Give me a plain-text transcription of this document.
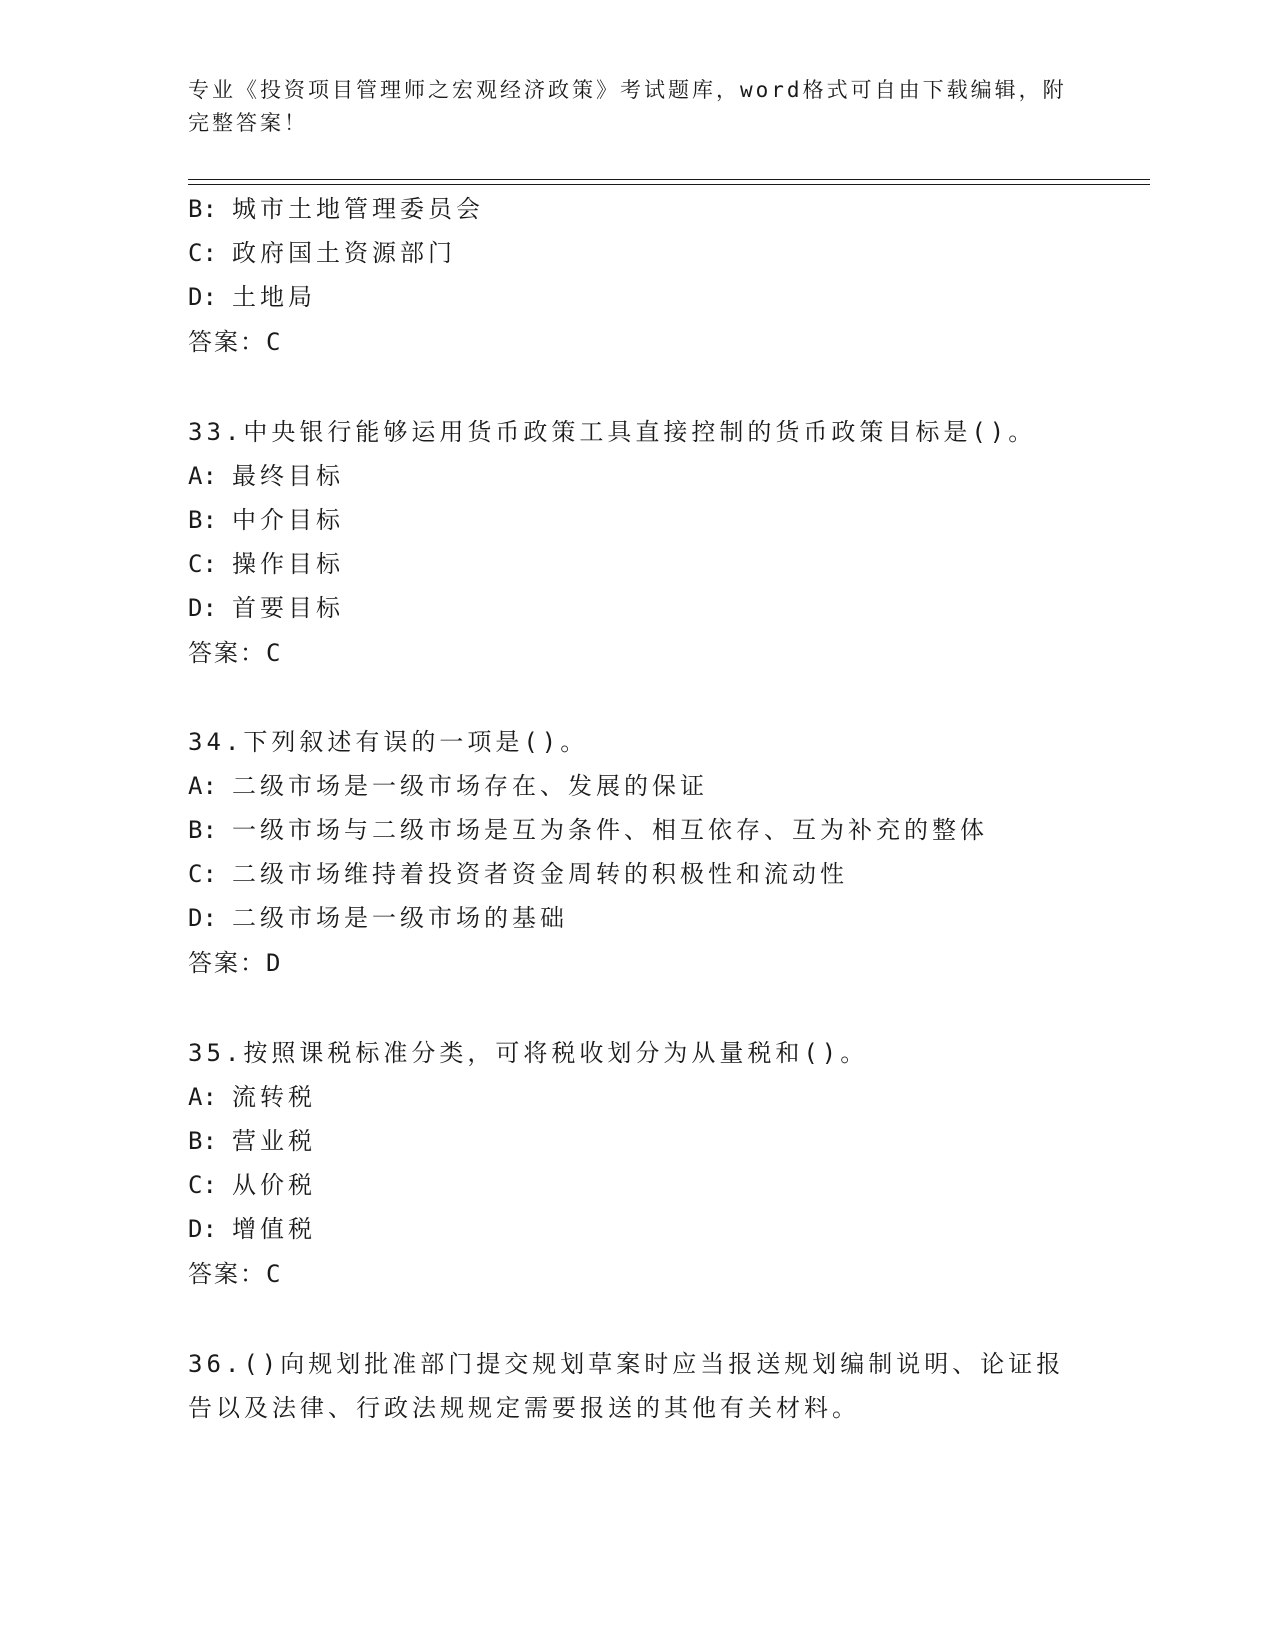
专业《投资项目管理师之宏观经济政策》考试题库，word格式可自由下载编辑，附完整答案！
B: 城市土地管理委员会
C: 政府国土资源部门
D: 土地局
答案：C
33.中央银行能够运用货币政策工具直接控制的货币政策目标是()。
A: 最终目标
B: 中介目标
C: 操作目标
D: 首要目标
答案：C
34.下列叙述有误的一项是()。
A: 二级市场是一级市场存在、发展的保证
B: 一级市场与二级市场是互为条件、相互依存、互为补充的整体
C: 二级市场维持着投资者资金周转的积极性和流动性
D: 二级市场是一级市场的基础
答案：D
35.按照课税标准分类，可将税收划分为从量税和()。
A: 流转税
B: 营业税
C: 从价税
D: 增值税
答案：C
36.()向规划批准部门提交规划草案时应当报送规划编制说明、论证报
告以及法律、行政法规规定需要报送的其他有关材料。
